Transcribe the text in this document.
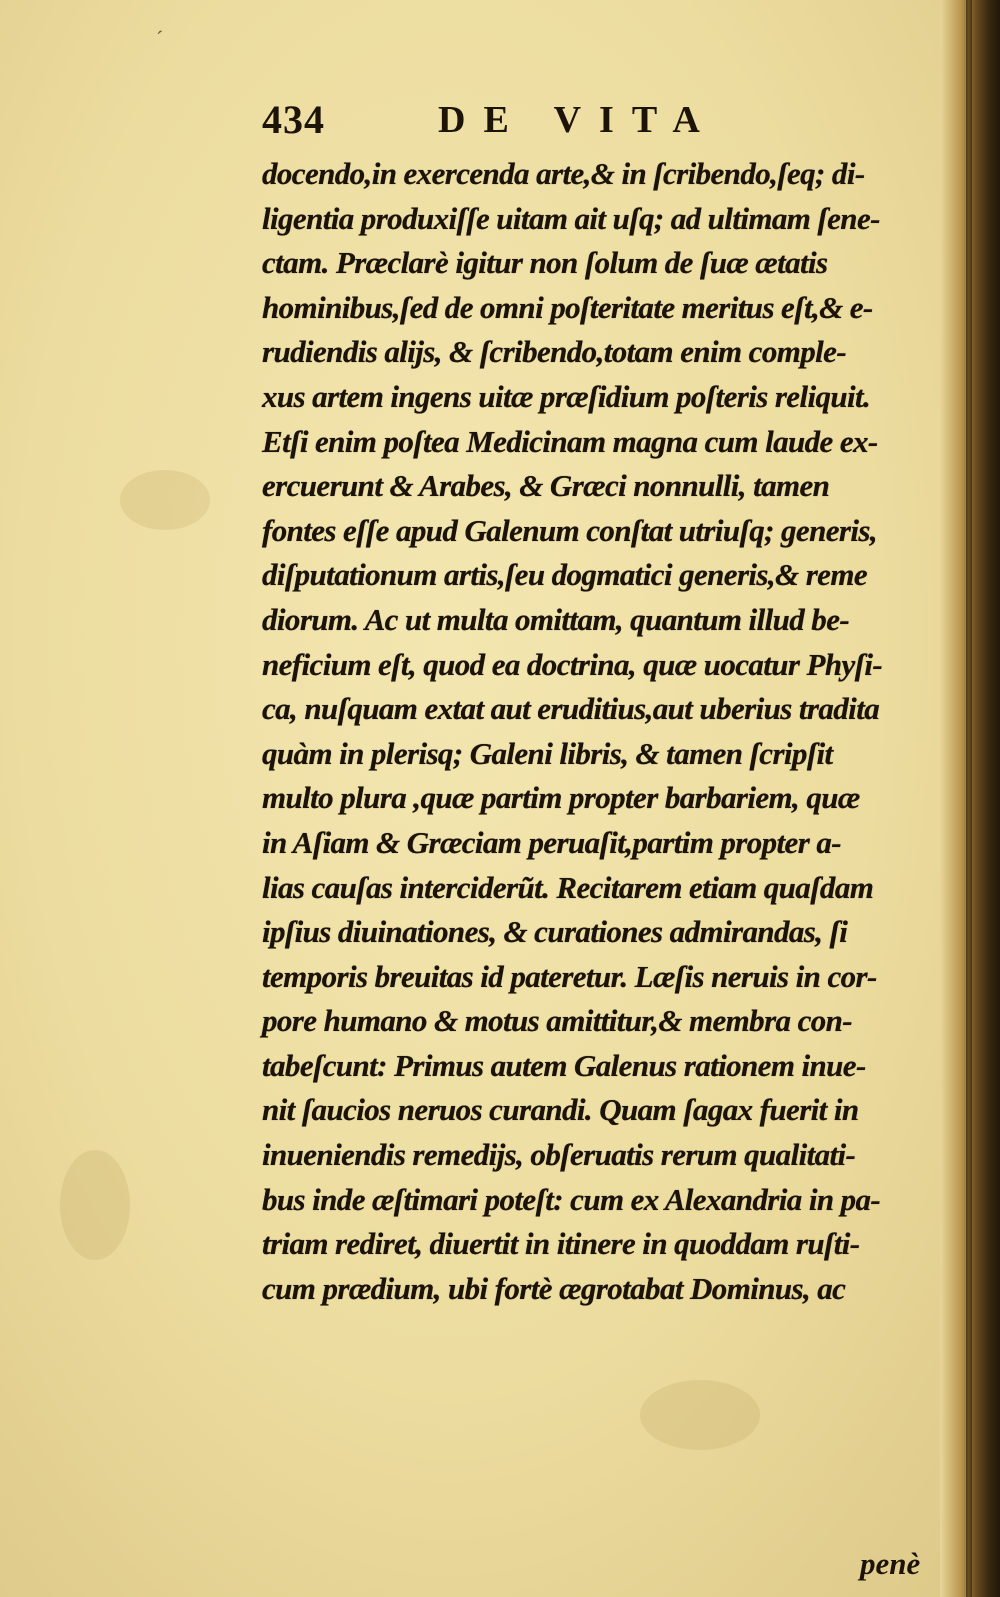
ˊ
434	DE VITA
docendo,in exercenda arte,& in ſcribendo,ſeq; di-
ligentia produxiſſe uitam ait uſq; ad ultimam ſene-
ctam. Præclarè igitur non ſolum de ſuæ ætatis
hominibus,ſed de omni poſteritate meritus eſt,& e-
rudiendis alijs, & ſcribendo,totam enim comple-
xus artem ingens uitæ præſidium poſteris reliquit.
Etſi enim poſtea Medicinam magna cum laude ex-
ercuerunt & Arabes, & Græci nonnulli, tamen
fontes eſſe apud Galenum conſtat utriuſq; generis,
diſputationum artis,ſeu dogmatici generis,& reme
diorum. Ac ut multa omittam, quantum illud be-
neficium eſt, quod ea doctrina, quæ uocatur Phyſi-
ca, nuſquam extat aut eruditius,aut uberius tradita
quàm in plerisq; Galeni libris, & tamen ſcripſit
multo plura ,quæ partim propter barbariem, quæ
in Aſiam & Græciam peruaſit,partim propter a-
lias cauſas interciderũt. Recitarem etiam quaſdam
ipſius diuinationes, & curationes admirandas, ſi
temporis breuitas id pateretur. Læſis neruis in cor-
pore humano & motus amittitur,& membra con-
tabeſcunt: Primus autem Galenus rationem inue-
nit ſaucios neruos curandi. Quam ſagax fuerit in
inueniendis remedijs, obſeruatis rerum qualitati-
bus inde æſtimari poteſt: cum ex Alexandria in pa-
triam rediret, diuertit in itinere in quoddam ruſti-
cum prædium, ubi fortè ægrotabat Dominus, ac
penè
